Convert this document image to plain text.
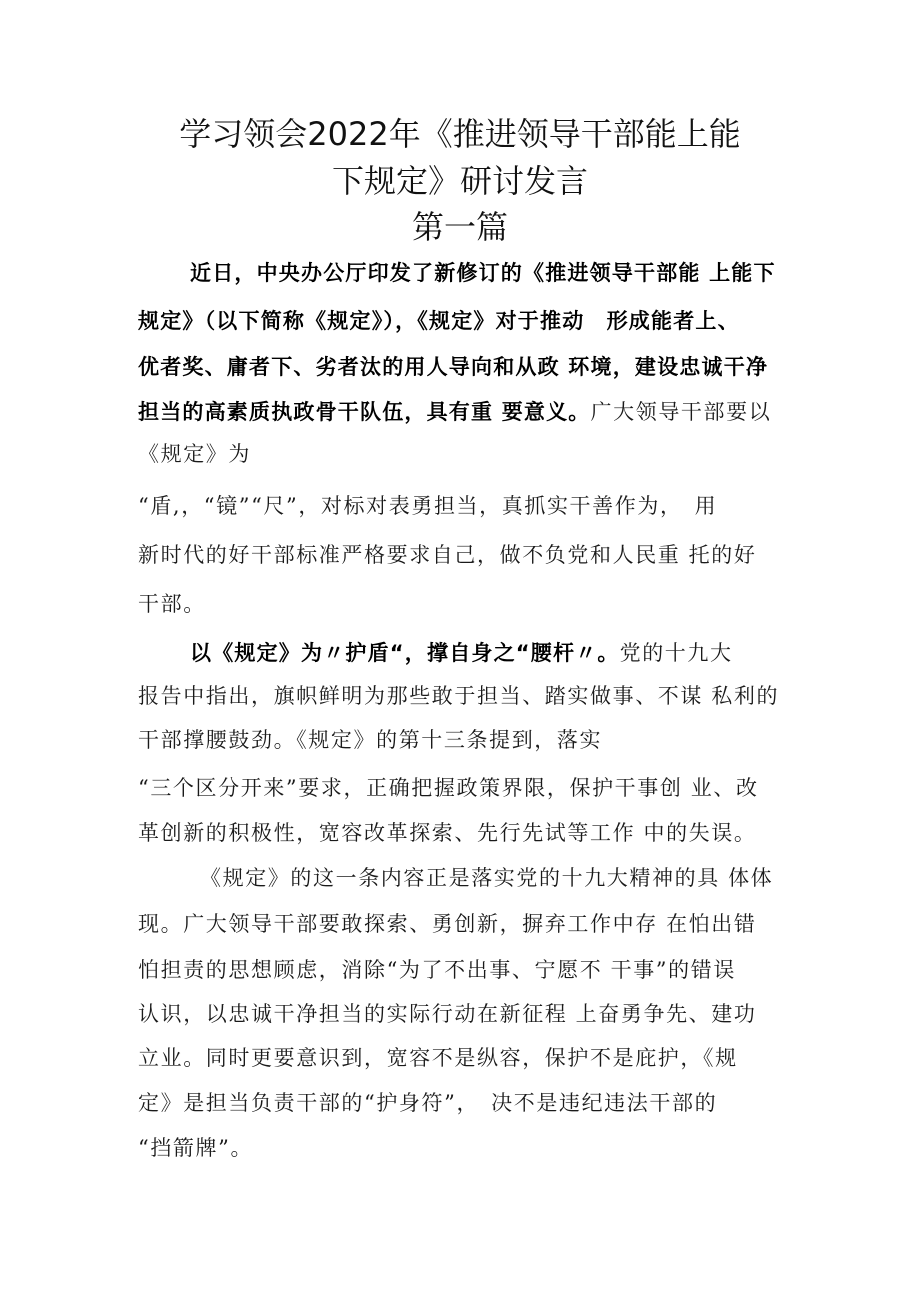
学习领会2022年《推进领导干部能上能
下规定》研讨发言
第一篇

近日，中央办公厅印发了新修订的《推进领导干部能 上能下

规定》（以下简称《规定》），《规定》对于推动　形成能者上、

优者奖、庸者下、劣者汰的用人导向和从政 环境，建设忠诚干净

担当的高素质执政骨干队伍，具有重 要意义。广大领导干部要以

《规定》为

“盾,，“镜”“尺”，对标对表勇担当，真抓实干善作为，　用

新时代的好干部标准严格要求自己，做不负党和人民重 托的好

干部。

以《规定》为〃护盾“，撑自身之“腰杆〃。党的十九大

报告中指出，旗帜鲜明为那些敢于担当、踏实做事、不谋 私利的

干部撑腰鼓劲。《规定》的第十三条提到，落实

“三个区分开来”要求，正确把握政策界限，保护干事创 业、改

革创新的积极性，宽容改革探索、先行先试等工作 中的失误。

《规定》的这一条内容正是落实党的十九大精神的具 体体

现。广大领导干部要敢探索、勇创新，摒弃工作中存 在怕出错

怕担责的思想顾虑，消除“为了不出事、宁愿不 干事”的错误

认识，以忠诚干净担当的实际行动在新征程 上奋勇争先、建功

立业。同时更要意识到，宽容不是纵容，保护不是庇护，《规

定》是担当负责干部的“护身符”，　决不是违纪违法干部的

“挡箭牌”。
